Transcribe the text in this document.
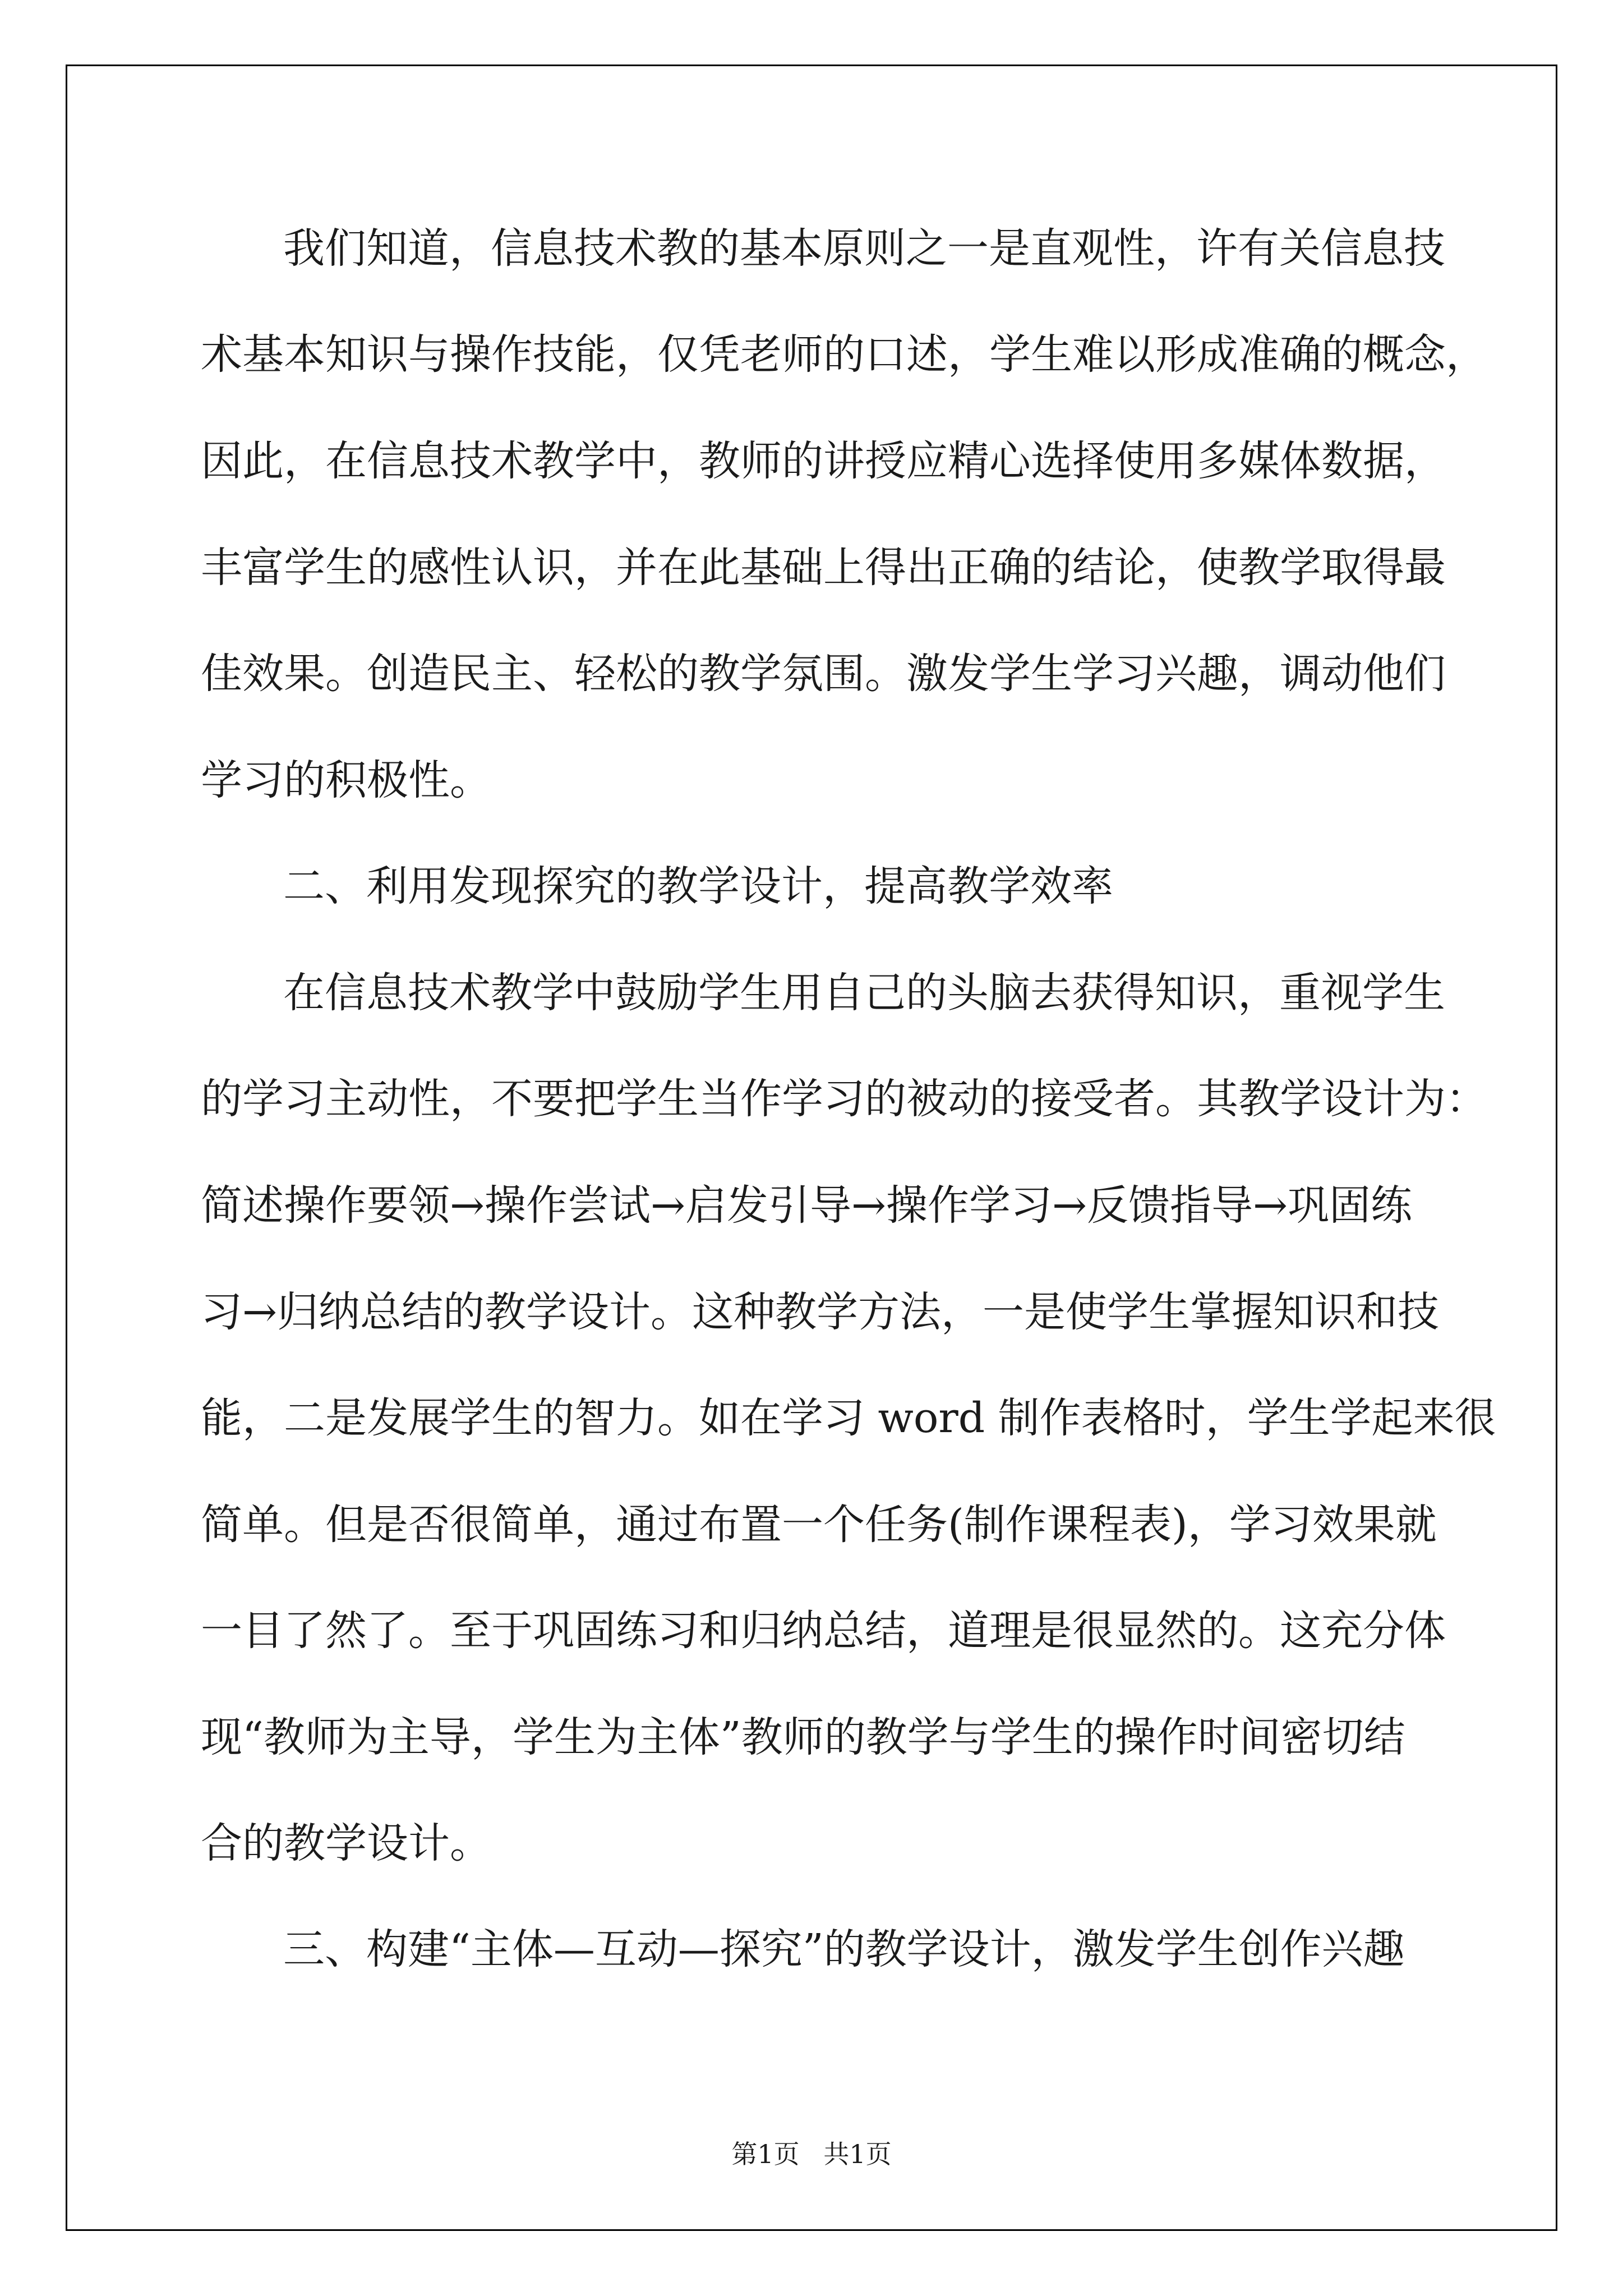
我们知道，信息技术教的基本原则之一是直观性，许有关信息技

术基本知识与操作技能，仅凭老师的口述，学生难以形成准确的概念，

因此，在信息技术教学中，教师的讲授应精心选择使用多媒体数据，

丰富学生的感性认识，并在此基础上得出正确的结论，使教学取得最

佳效果。创造民主、轻松的教学氛围。激发学生学习兴趣，调动他们

学习的积极性。

二、利用发现探究的教学设计，提高教学效率

在信息技术教学中鼓励学生用自己的头脑去获得知识，重视学生

的学习主动性，不要把学生当作学习的被动的接受者。其教学设计为：

简述操作要领→操作尝试→启发引导→操作学习→反馈指导→巩固练

习→归纳总结的教学设计。这种教学方法，一是使学生掌握知识和技

能，二是发展学生的智力。如在学习 word 制作表格时，学生学起来很

简单。但是否很简单，通过布置一个任务(制作课程表)，学习效果就

一目了然了。至于巩固练习和归纳总结，道理是很显然的。这充分体

现“教师为主导，学生为主体”教师的教学与学生的操作时间密切结

合的教学设计。

三、构建“主体—互动—探究”的教学设计，激发学生创作兴趣

第1页 共1页
